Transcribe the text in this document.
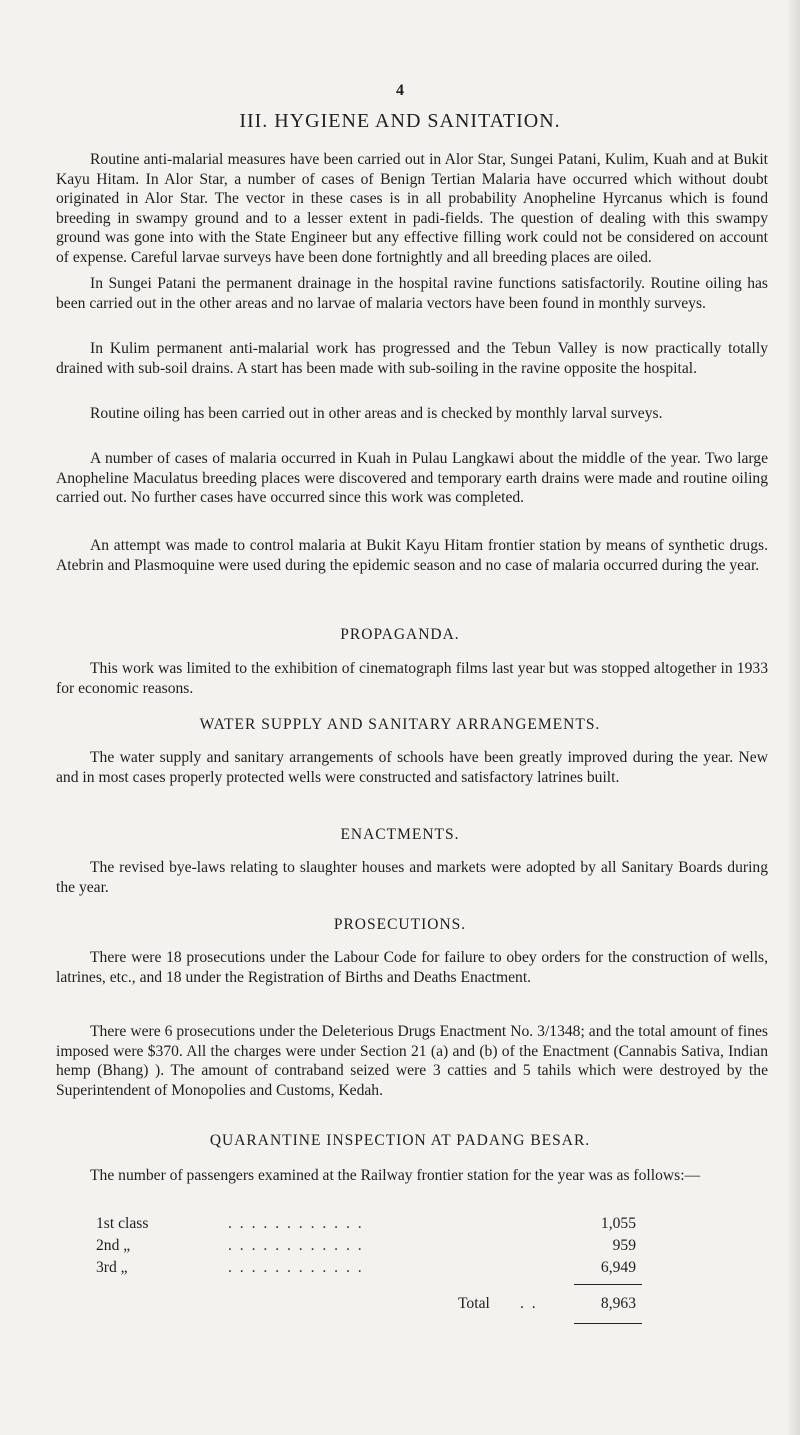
4
III. HYGIENE AND SANITATION.

Routine anti-malarial measures have been carried out in Alor Star, Sungei Patani, Kulim, Kuah and at Bukit Kayu Hitam. In Alor Star, a number of cases of Benign Tertian Malaria have occurred which without doubt originated in Alor Star. The vector in these cases is in all probability Anopheline Hyrcanus which is found breeding in swampy ground and to a lesser extent in padi-fields. The question of dealing with this swampy ground was gone into with the State Engineer but any effective filling work could not be considered on account of expense. Careful larvae surveys have been done fortnightly and all breeding places are oiled.

In Sungei Patani the permanent drainage in the hospital ravine functions satisfactorily. Routine oiling has been carried out in the other areas and no larvae of malaria vectors have been found in monthly surveys.

In Kulim permanent anti-malarial work has progressed and the Tebun Valley is now practically totally drained with sub-soil drains. A start has been made with sub-soiling in the ravine opposite the hospital.

Routine oiling has been carried out in other areas and is checked by monthly larval surveys.

A number of cases of malaria occurred in Kuah in Pulau Langkawi about the middle of the year. Two large Anopheline Maculatus breeding places were discovered and temporary earth drains were made and routine oiling carried out. No further cases have occurred since this work was completed.

An attempt was made to control malaria at Bukit Kayu Hitam frontier station by means of synthetic drugs. Atebrin and Plasmoquine were used during the epidemic season and no case of malaria occurred during the year.

PROPAGANDA.

This work was limited to the exhibition of cinematograph films last year but was stopped altogether in 1933 for economic reasons.

WATER SUPPLY AND SANITARY ARRANGEMENTS.

The water supply and sanitary arrangements of schools have been greatly improved during the year. New and in most cases properly protected wells were constructed and satisfactory latrines built.

ENACTMENTS.

The revised bye-laws relating to slaughter houses and markets were adopted by all Sanitary Boards during the year.

PROSECUTIONS.

There were 18 prosecutions under the Labour Code for failure to obey orders for the construction of wells, latrines, etc., and 18 under the Registration of Births and Deaths Enactment.

There were 6 prosecutions under the Deleterious Drugs Enactment No. 3/1348; and the total amount of fines imposed were $370. All the charges were under Section 21 (a) and (b) of the Enactment (Cannabis Sativa, Indian hemp (Bhang) ). The amount of contraband seized were 3 catties and 5 tahils which were destroyed by the Superintendent of Monopolies and Customs, Kedah.

QUARANTINE INSPECTION AT PADANG BESAR.

The number of passengers examined at the Railway frontier station for the year was as follows:—

1st class	. . . . . . . . . . . .	1,055
2nd „	. . . . . . . . . . . .	959
3rd „	. . . . . . . . . . . .	6,949
Total . .	8,963
